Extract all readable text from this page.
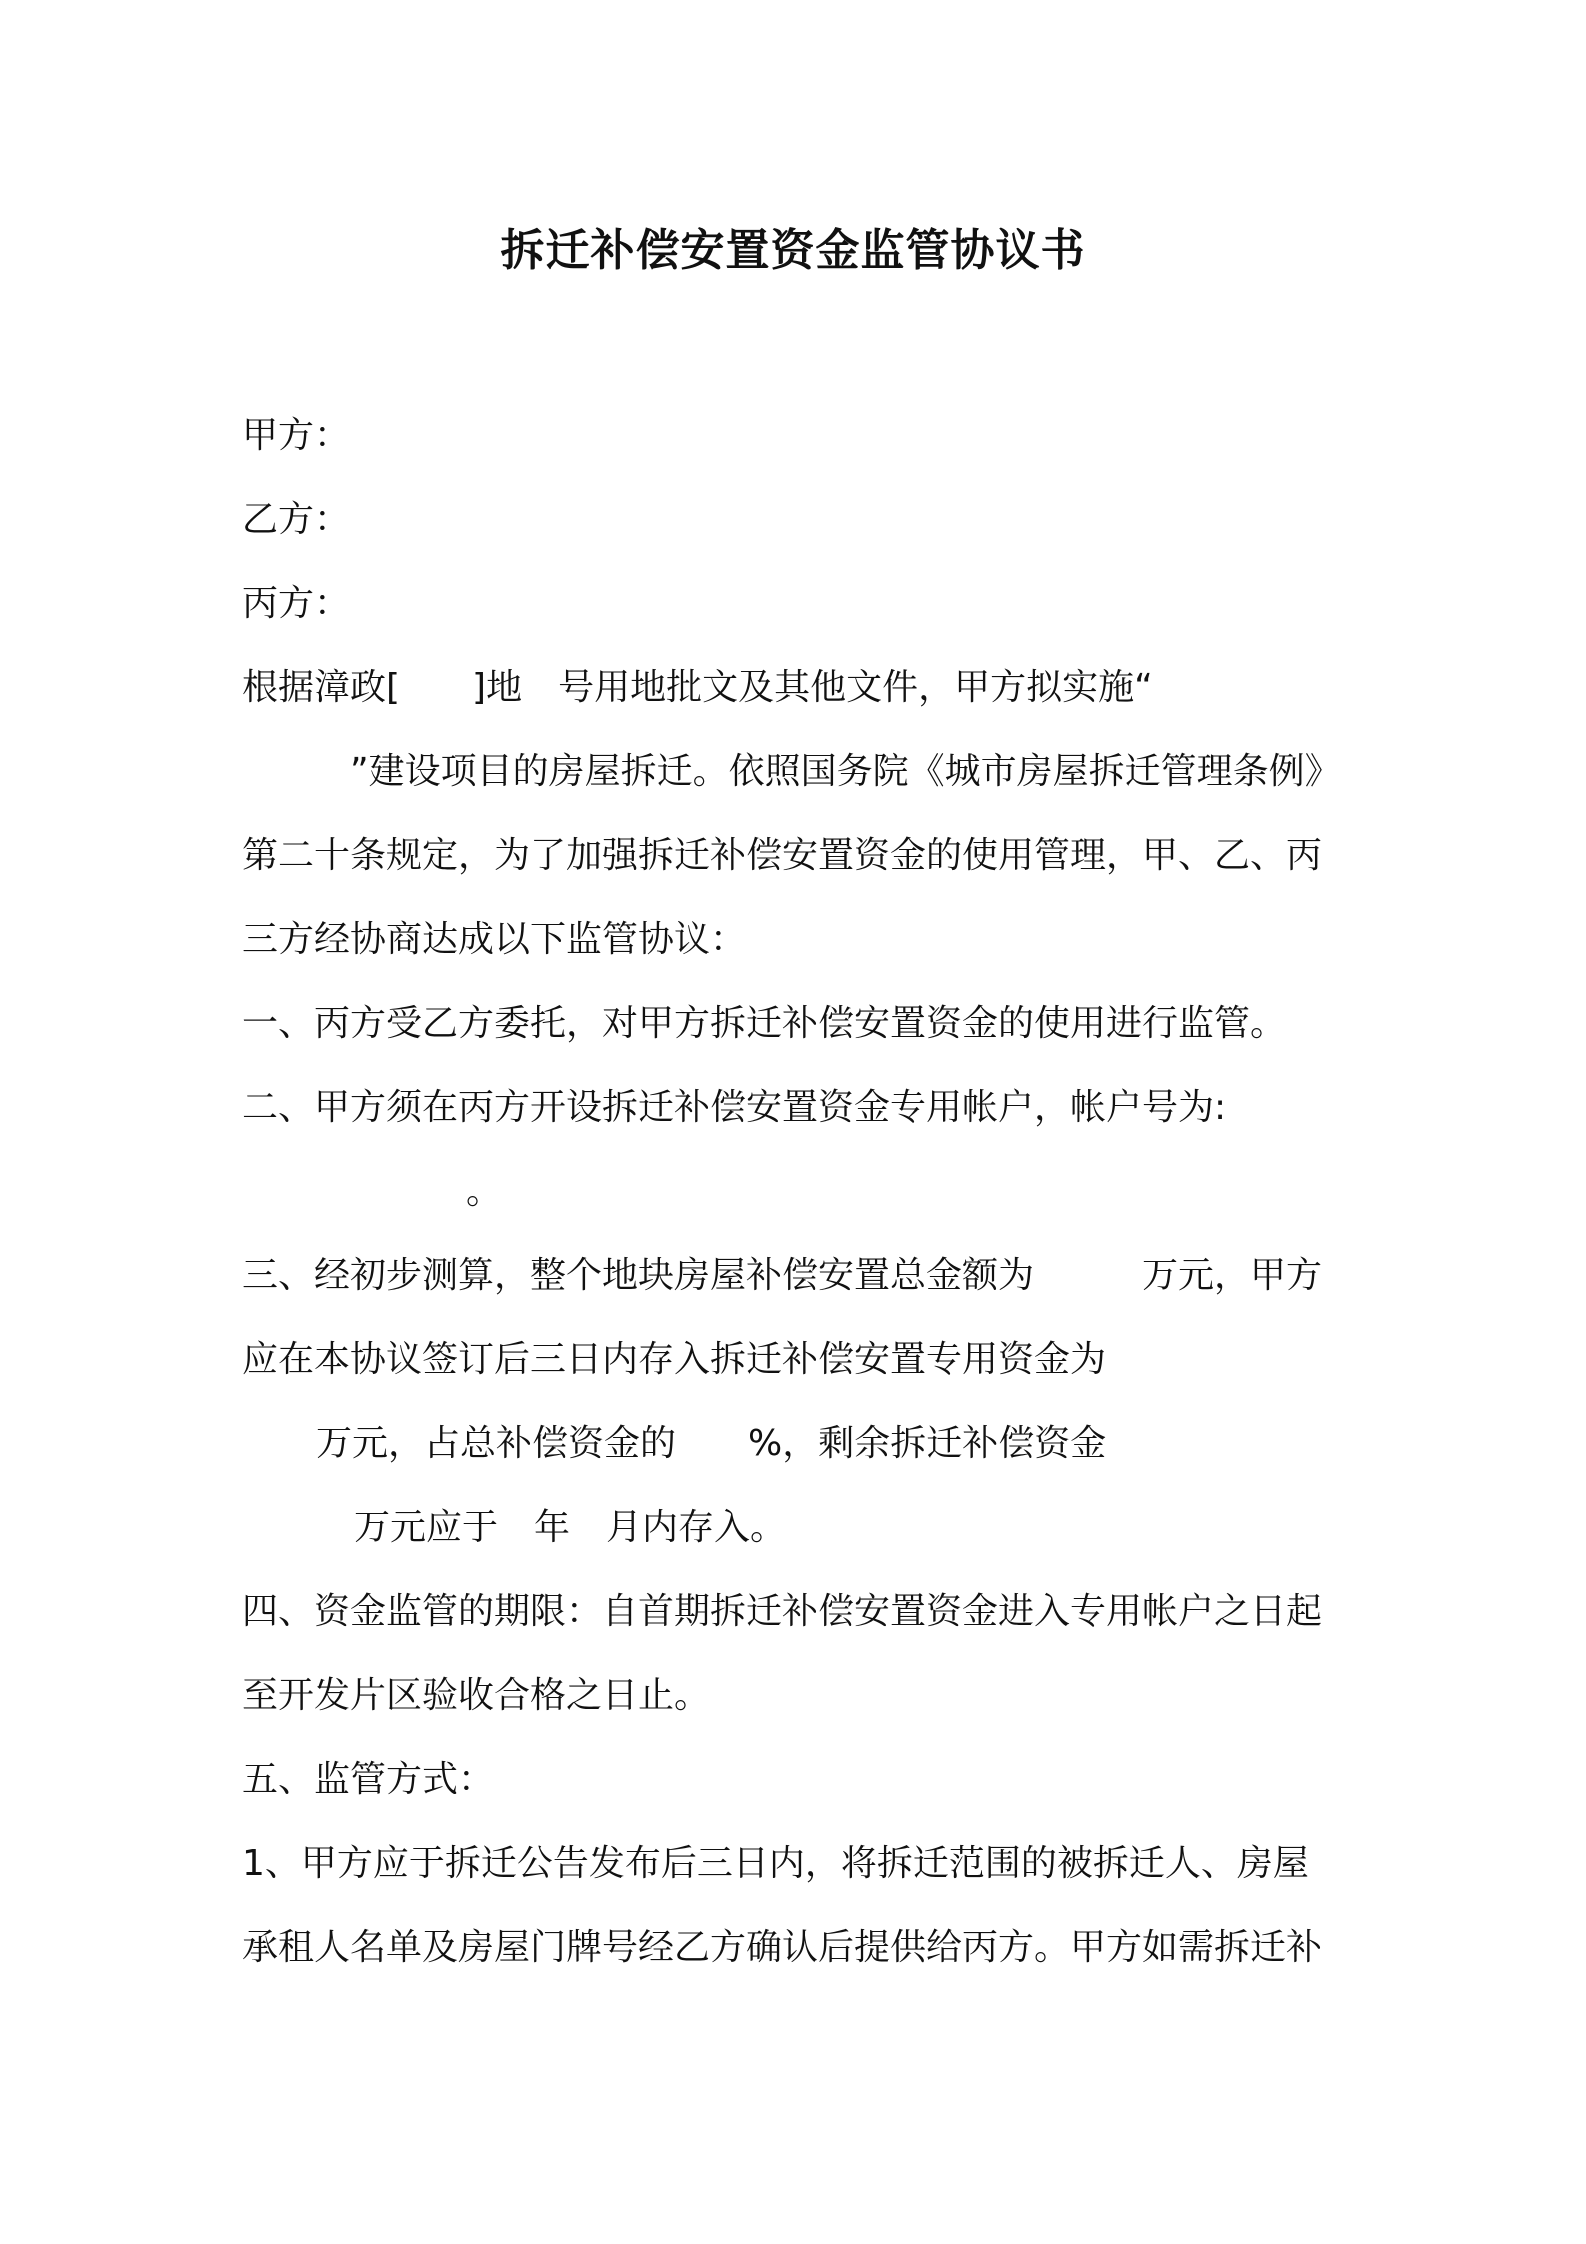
拆迁补偿安置资金监管协议书
甲方：
乙方：
丙方：
根据漳政[　　]地　号用地批文及其他文件，甲方拟实施“
”建设项目的房屋拆迁。依照国务院《城市房屋拆迁管理条例》
第二十条规定，为了加强拆迁补偿安置资金的使用管理，甲、乙、丙
三方经协商达成以下监管协议：
一、丙方受乙方委托，对甲方拆迁补偿安置资金的使用进行监管。
二、甲方须在丙方开设拆迁补偿安置资金专用帐户，帐户号为:
。
三、经初步测算，整个地块房屋补偿安置总金额为　　　万元，甲方
应在本协议签订后三日内存入拆迁补偿安置专用资金为
万元，占总补偿资金的　　%，剩余拆迁补偿资金
万元应于　年　月内存入。
四、资金监管的期限：自首期拆迁补偿安置资金进入专用帐户之日起
至开发片区验收合格之日止。
五、监管方式：
1、甲方应于拆迁公告发布后三日内，将拆迁范围的被拆迁人、房屋
承租人名单及房屋门牌号经乙方确认后提供给丙方。甲方如需拆迁补
